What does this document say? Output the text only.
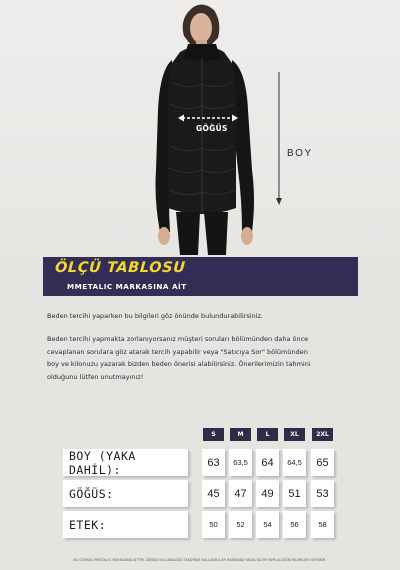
GÖĞÜS
BOY
ÖLÇÜ TABLOSU
MMETALIC MARKASINA AİT
Beden tercihi yaparken bu bilgileri göz önünde bulundurabilirsiniz.
Beden tercihi yapmakta zorlanıyorsanız müşteri soruları bölümünden daha önce
cevaplanan sorulara göz atarak tercih yapabilir veya "Satıcıya Sor" bölümünden
boy ve kilonuzu yazarak bizden beden önerisi alabilirsiniz. Önerilerimizin tahmini
olduğunu lütfen unutmayınız!
S	M	L	XL	2XL
BOY (YAKA DAHİL):	63	63,5	64	64,5	65
GÖĞÜS:	45	47	49	51	53
ETEK:	50	52	54	56	58
BU GÖRSEL MMETALIC MARKASINA AİTTİR. İZİNSİZ KULLANILDIĞI TAKDİRDE KULLANICILAR HAKKINDA YASAL İŞLEM YAPILACAĞINI BİLMELERİ GEREKİR.
